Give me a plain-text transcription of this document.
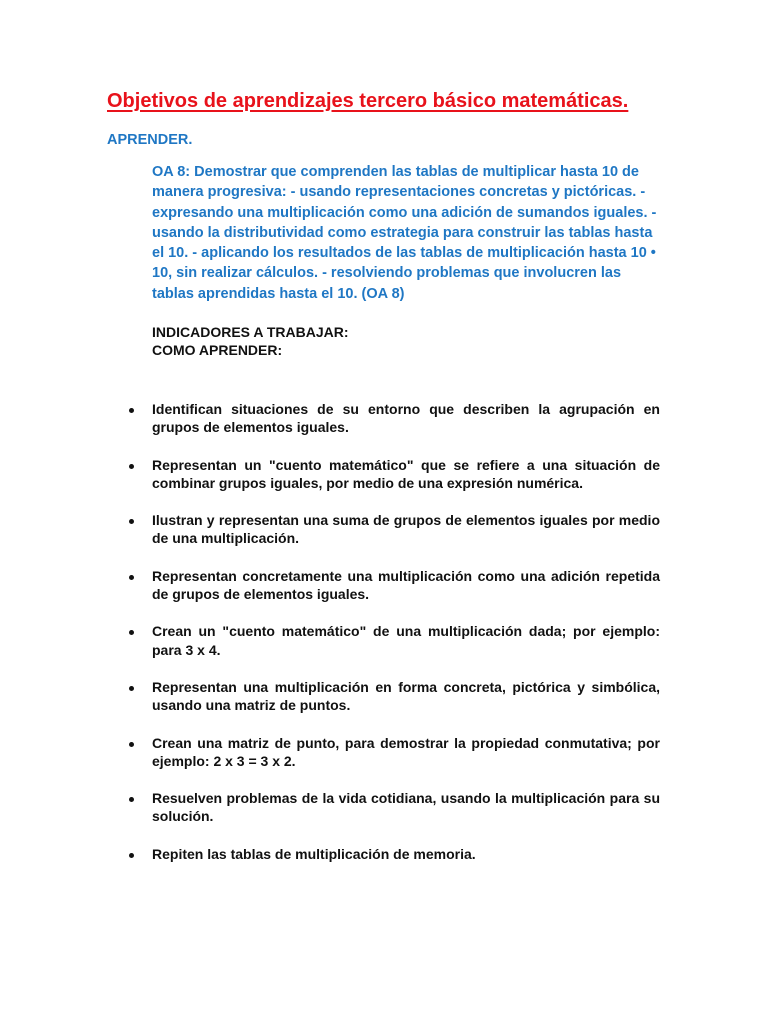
Objetivos de aprendizajes tercero básico matemáticas.
APRENDER.

OA 8: Demostrar que comprenden las tablas de multiplicar hasta 10 de manera progresiva: - usando representaciones concretas y pictóricas. - expresando una multiplicación como una adición de sumandos iguales. - usando la distributividad como estrategia para construir las tablas hasta el 10. - aplicando los resultados de las tablas de multiplicación hasta 10 • 10, sin realizar cálculos. - resolviendo problemas que involucren las tablas aprendidas hasta el 10. (OA 8)

INDICADORES A TRABAJAR:
COMO APRENDER:
Identifican situaciones de su entorno que describen la agrupación en grupos de elementos iguales.
Representan un "cuento matemático" que se refiere a una situación de combinar grupos iguales, por medio de una expresión numérica.
Ilustran y representan una suma de grupos de elementos iguales por medio de una multiplicación.
Representan concretamente una multiplicación como una adición repetida de grupos de elementos iguales.
Crean un "cuento matemático" de una multiplicación dada; por ejemplo: para 3 x 4.
Representan una multiplicación en forma concreta, pictórica y simbólica, usando una matriz de puntos.
Crean una matriz de punto, para demostrar la propiedad conmutativa; por ejemplo: 2 x 3 = 3 x 2.
Resuelven problemas de la vida cotidiana, usando la multiplicación para su solución.
Repiten las tablas de multiplicación de memoria.
